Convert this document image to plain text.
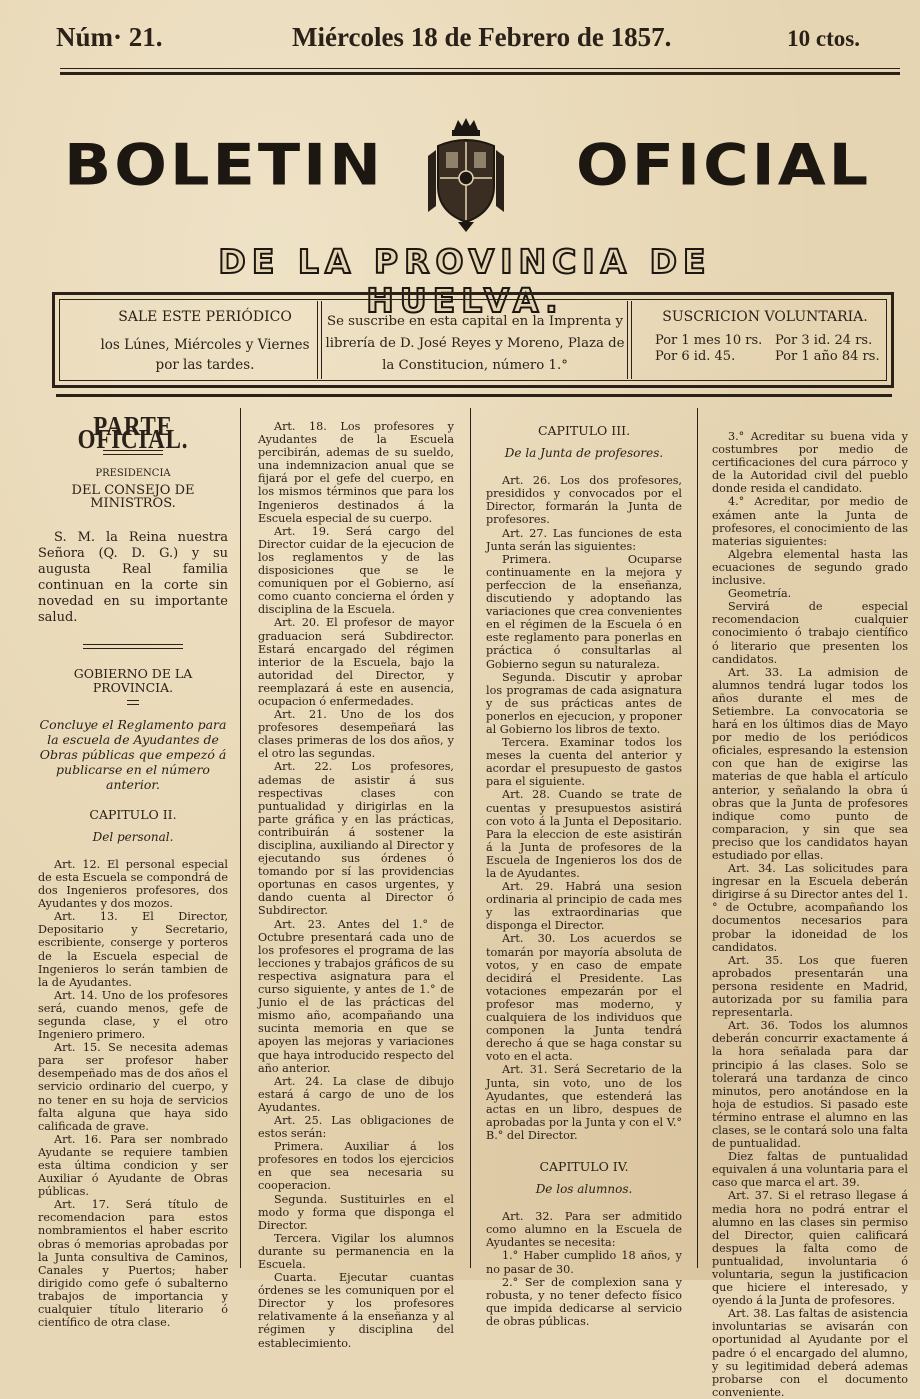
Núm· 21.	Miércoles 18 de Febrero de 1857.	10 ctos.
BOLETIN	OFICIAL
DE LA PROVINCIA DE HUELVA.
SALE ESTE PERIÓDICO
los Lúnes, Miércoles y Viernes por las tardes.
Se suscribe en esta capital en la Imprenta y librería de D. José Reyes y Moreno, Plaza de la Constitucion, número 1.°
SUSCRICION VOLUNTARIA.
Por 1 mes 10 rs. Por 3 id. 24 rs.
Por 6 id. 45.	Por 1 año 84 rs.
PARTE OFICIAL.

PRESIDENCIA

DEL CONSEJO DE MINISTROS.

S. M. la Reina nuestra Señora (Q. D. G.) y su augusta Real familia continuan en la corte sin novedad en su importante salud.

GOBIERNO DE LA PROVINCIA.

Concluye el Reglamento para la escuela de Ayudantes de Obras públicas que empezó á publicarse en el número anterior.

CAPITULO II.

Del personal.

Art. 12. El personal especial de esta Escuela se compondrá de dos Ingenieros profesores, dos Ayudantes y dos mozos.

Art. 13. El Director, Depositario y Secretario, escribiente, conserge y porteros de la Escuela especial de Ingenieros lo serán tambien de la de Ayudantes.

Art. 14. Uno de los profesores será, cuando menos, gefe de segunda clase, y el otro Ingeniero primero.

Art. 15. Se necesita ademas para ser profesor haber desempeñado mas de dos años el servicio ordinario del cuerpo, y no tener en su hoja de servicios falta alguna que haya sido calificada de grave.

Art. 16. Para ser nombrado Ayudante se requiere tambien esta última condicion y ser Auxiliar ó Ayudante de Obras públicas.

Art. 17. Será título de recomendacion para estos nombramientos el haber escrito obras ó memorias aprobadas por la Junta consultiva de Caminos, Canales y Puertos; haber dirigido como gefe ó subalterno trabajos de importancia y cualquier título literario ó científico de otra clase.

Art. 18. Los profesores y Ayudantes de la Escuela percibirán, ademas de su sueldo, una indemnizacion anual que se fijará por el gefe del cuerpo, en los mismos términos que para los Ingenieros destinados á la Escuela especial de su cuerpo.

Art. 19. Será cargo del Director cuidar de la ejecucion de los reglamentos y de las disposiciones que se le comuniquen por el Gobierno, así como cuanto concierna el órden y disciplina de la Escuela.

Art. 20. El profesor de mayor graduacion será Subdirector. Estará encargado del régimen interior de la Escuela, bajo la autoridad del Director, y reemplazará á este en ausencia, ocupacion ó enfermedades.

Art. 21. Uno de los dos profesores desempeñará las clases primeras de los dos años, y el otro las segundas.

Art. 22. Los profesores, ademas de asistir á sus respectivas clases con puntualidad y dirigirlas en la parte gráfica y en las prácticas, contribuirán á sostener la disciplina, auxiliando al Director y ejecutando sus órdenes ó tomando por sí las providencias oportunas en casos urgentes, y dando cuenta al Director ó Subdirector.

Art. 23. Antes del 1.° de Octubre presentará cada uno de los profesores el programa de las lecciones y trabajos gráficos de su respectiva asignatura para el curso siguiente, y antes de 1.° de Junio el de las prácticas del mismo año, acompañando una sucinta memoria en que se apoyen las mejoras y variaciones que haya introducido respecto del año anterior.

Art. 24. La clase de dibujo estará á cargo de uno de los Ayudantes.

Art. 25. Las obligaciones de estos serán:

Primera. Auxiliar á los profesores en todos los ejercicios en que sea necesaria su cooperacion.

Segunda. Sustituirles en el modo y forma que disponga el Director.

Tercera. Vigilar los alumnos durante su permanencia en la Escuela.

Cuarta. Ejecutar cuantas órdenes se les comuniquen por el Director y los profesores relativamente á la enseñanza y al régimen y disciplina del establecimiento.

CAPITULO III.

De la Junta de profesores.

Art. 26. Los dos profesores, presididos y convocados por el Director, formarán la Junta de profesores.

Art. 27. Las funciones de esta Junta serán las siguientes:

Primera. Ocuparse continuamente en la mejora y perfeccion de la enseñanza, discutiendo y adoptando las variaciones que crea convenientes en el régimen de la Escuela ó en este reglamento para ponerlas en práctica ó consultarlas al Gobierno segun su naturaleza.

Segunda. Discutir y aprobar los programas de cada asignatura y de sus prácticas antes de ponerlos en ejecucion, y proponer al Gobierno los libros de texto.

Tercera. Examinar todos los meses la cuenta del anterior y acordar el presupuesto de gastos para el siguiente.

Art. 28. Cuando se trate de cuentas y presupuestos asistirá con voto á la Junta el Depositario. Para la eleccion de este asistirán á la Junta de profesores de la Escuela de Ingenieros los dos de la de Ayudantes.

Art. 29. Habrá una sesion ordinaria al principio de cada mes y las extraordinarias que disponga el Director.

Art. 30. Los acuerdos se tomarán por mayoría absoluta de votos, y en caso de empate decidirá el Presidente. Las votaciones empezarán por el profesor mas moderno, y cualquiera de los individuos que componen la Junta tendrá derecho á que se haga constar su voto en el acta.

Art. 31. Será Secretario de la Junta, sin voto, uno de los Ayudantes, que estenderá las actas en un libro, despues de aprobadas por la Junta y con el V.° B.° del Director.

CAPITULO IV.

De los alumnos.

Art. 32. Para ser admitido como alumno en la Escuela de Ayudantes se necesita:

1.° Haber cumplido 18 años, y no pasar de 30.

2.° Ser de complexion sana y robusta, y no tener defecto físico que impida dedicarse al servicio de obras públicas.

3.° Acreditar su buena vida y costumbres por medio de certificaciones del cura párroco y de la Autoridad civil del pueblo donde resida el candidato.

4.° Acreditar, por medio de exámen ante la Junta de profesores, el conocimiento de las materias siguientes:

Algebra elemental hasta las ecuaciones de segundo grado inclusive.

Geometría.

Servirá de especial recomendacion cualquier conocimiento ó trabajo científico ó literario que presenten los candidatos.

Art. 33. La admision de alumnos tendrá lugar todos los años durante el mes de Setiembre. La convocatoria se hará en los últimos dias de Mayo por medio de los periódicos oficiales, espresando la estension con que han de exigirse las materias de que habla el artículo anterior, y señalando la obra ú obras que la Junta de profesores indique como punto de comparacion, y sin que sea preciso que los candidatos hayan estudiado por ellas.

Art. 34. Las solicitudes para ingresar en la Escuela deberán dirigirse á su Director antes del 1.° de Octubre, acompañando los documentos necesarios para probar la idoneidad de los candidatos.

Art. 35. Los que fueren aprobados presentarán una persona residente en Madrid, autorizada por su familia para representarla.

Art. 36. Todos los alumnos deberán concurrir exactamente á la hora señalada para dar principio á las clases. Solo se tolerará una tardanza de cinco minutos, pero anotándose en la hoja de estudios. Si pasado este término entrase el alumno en las clases, se le contará solo una falta de puntualidad.

Diez faltas de puntualidad equivalen á una voluntaria para el caso que marca el art. 39.

Art. 37. Si el retraso llegase á media hora no podrá entrar el alumno en las clases sin permiso del Director, quien calificará despues la falta como de puntualidad, involuntaria ó voluntaria, segun la justificacion que hiciere el interesado, y oyendo á la Junta de profesores.

Art. 38. Las faltas de asistencia involuntarias se avisarán con oportunidad al Ayudante por el padre ó el encargado del alumno, y su legitimidad deberá ademas probarse con el documento conveniente.
